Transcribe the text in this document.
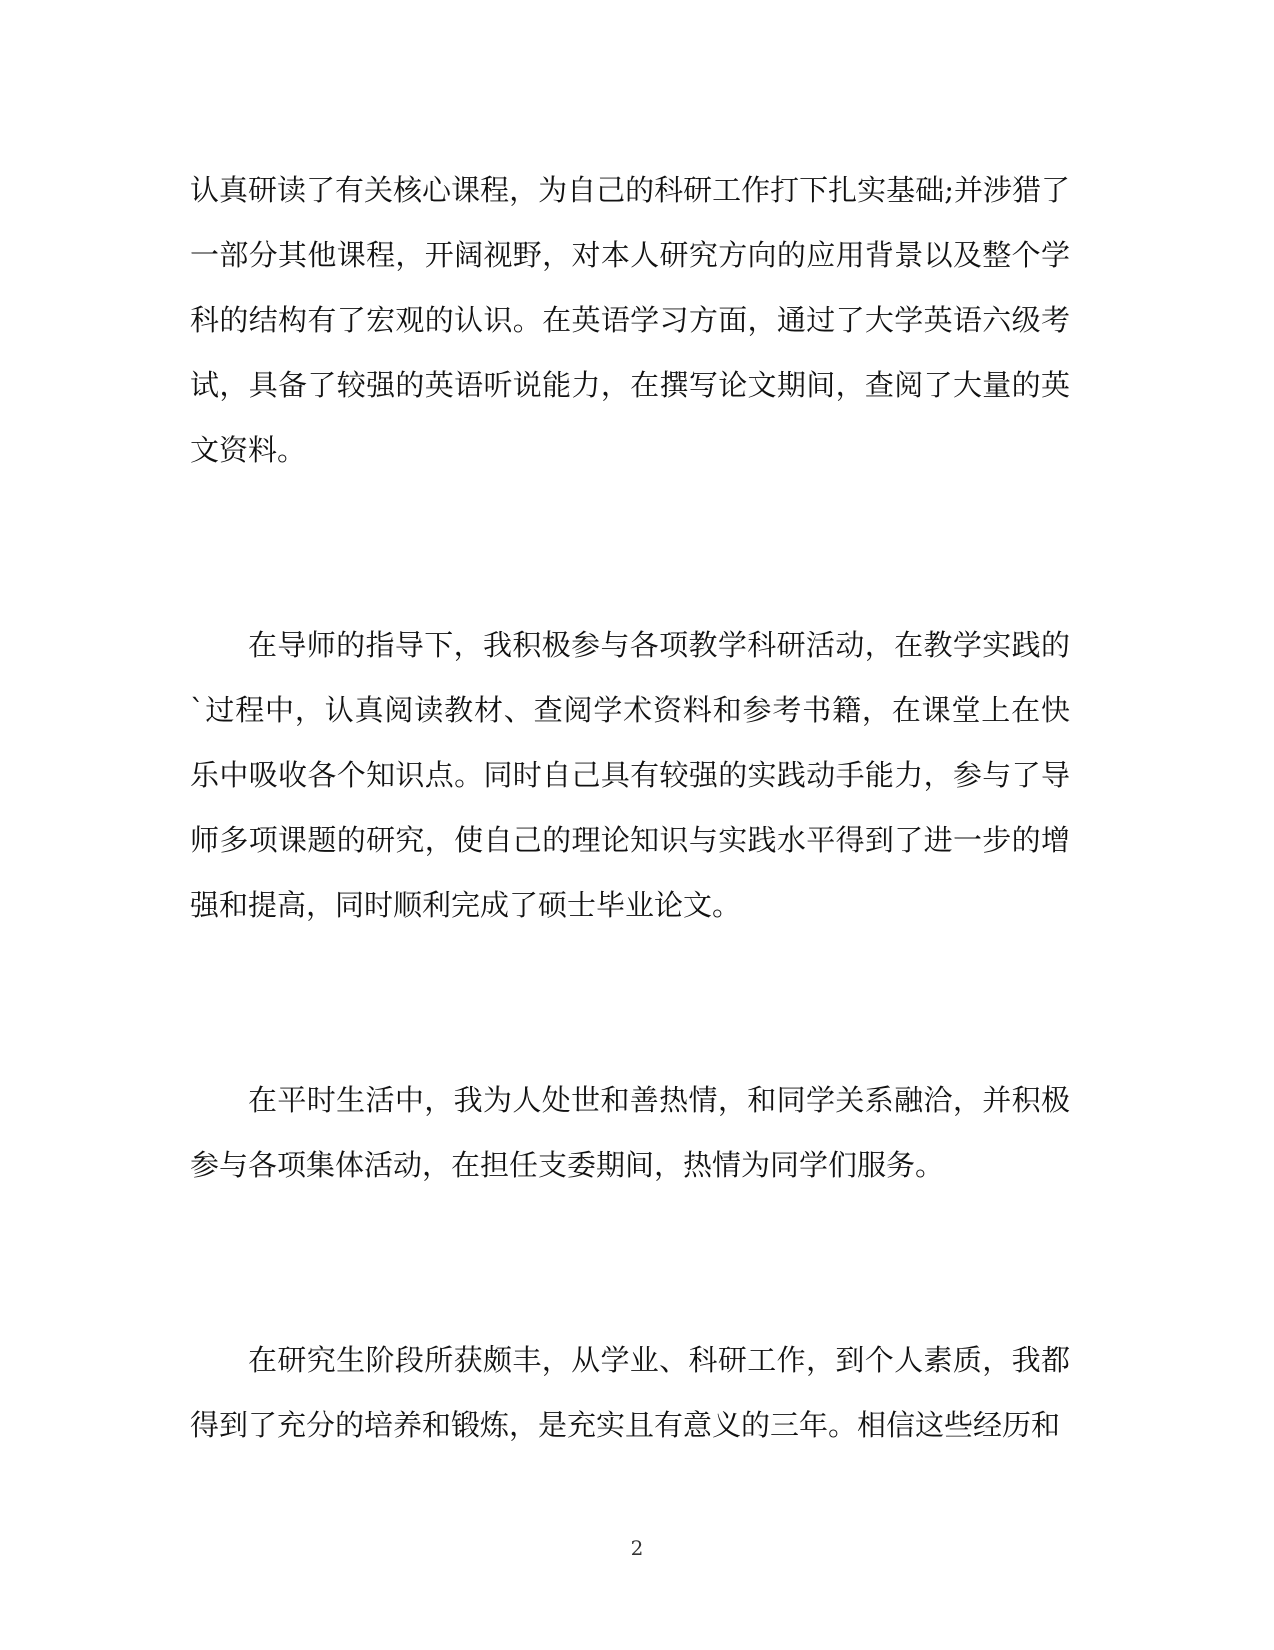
认真研读了有关核心课程，为自己的科研工作打下扎实基础;并涉猎了一部分其他课程，开阔视野，对本人研究方向的应用背景以及整个学科的结构有了宏观的认识。在英语学习方面，通过了大学英语六级考试，具备了较强的英语听说能力，在撰写论文期间，查阅了大量的英文资料。

在导师的指导下，我积极参与各项教学科研活动，在教学实践的`过程中，认真阅读教材、查阅学术资料和参考书籍，在课堂上在快乐中吸收各个知识点。同时自己具有较强的实践动手能力，参与了导师多项课题的研究，使自己的理论知识与实践水平得到了进一步的增强和提高，同时顺利完成了硕士毕业论文。

在平时生活中，我为人处世和善热情，和同学关系融洽，并积极参与各项集体活动，在担任支委期间，热情为同学们服务。

在研究生阶段所获颇丰，从学业、科研工作，到个人素质，我都得到了充分的培养和锻炼，是充实且有意义的三年。相信这些经历和

2
